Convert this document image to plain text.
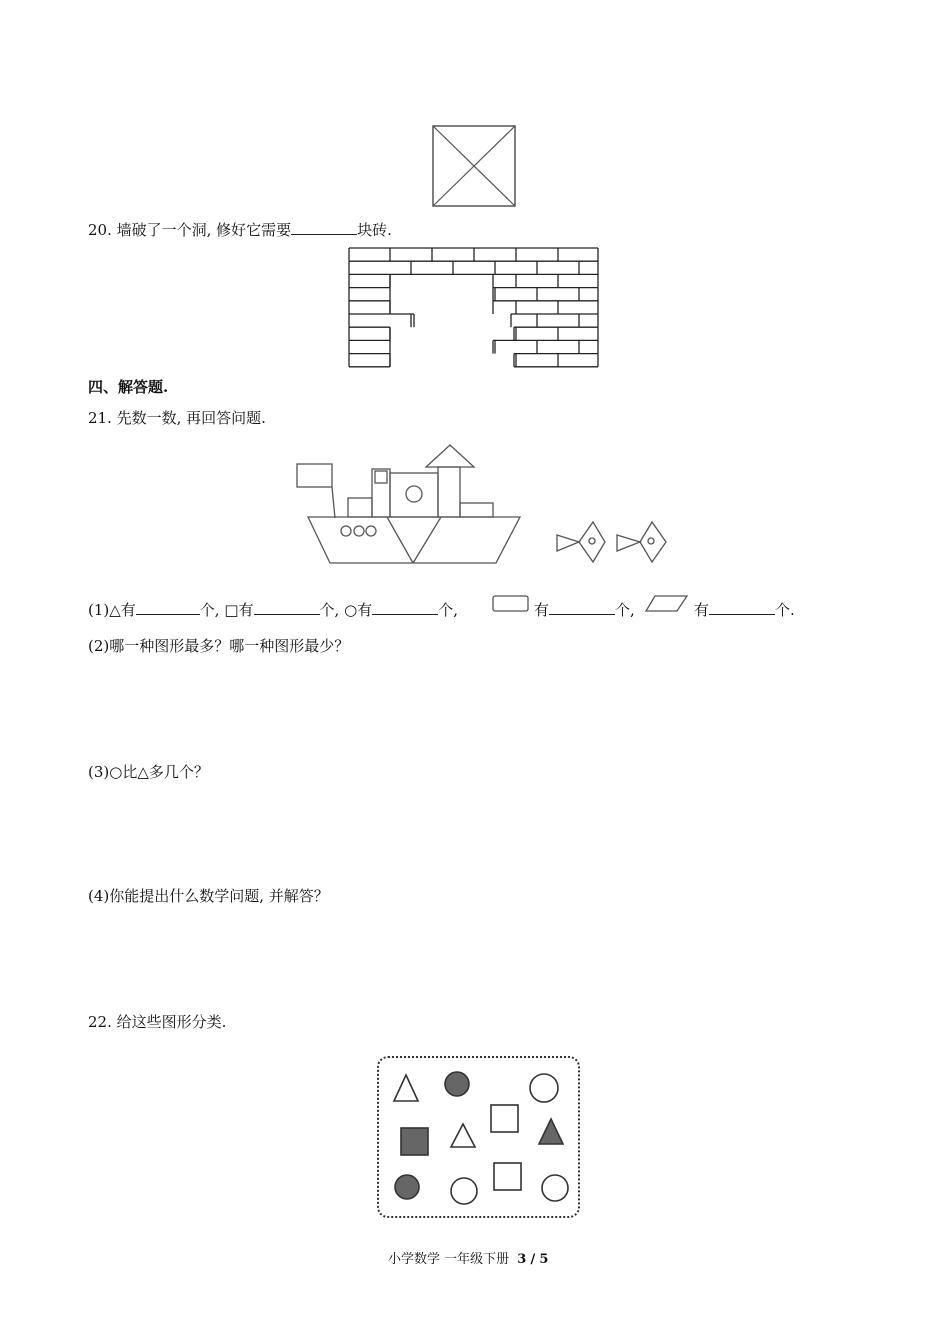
20. 墙破了一个洞, 修好它需要	块砖.
四、解答题.
21. 先数一数, 再回答问题.
(1)△有	个, □有	个, ○有	个,	有	个,	有	个.
(2)哪一种图形最多？哪一种图形最少？
(3)○比△多几个？
(4)你能提出什么数学问题, 并解答？
22. 给这些图形分类.
小学数学 一年级下册 3 / 5
